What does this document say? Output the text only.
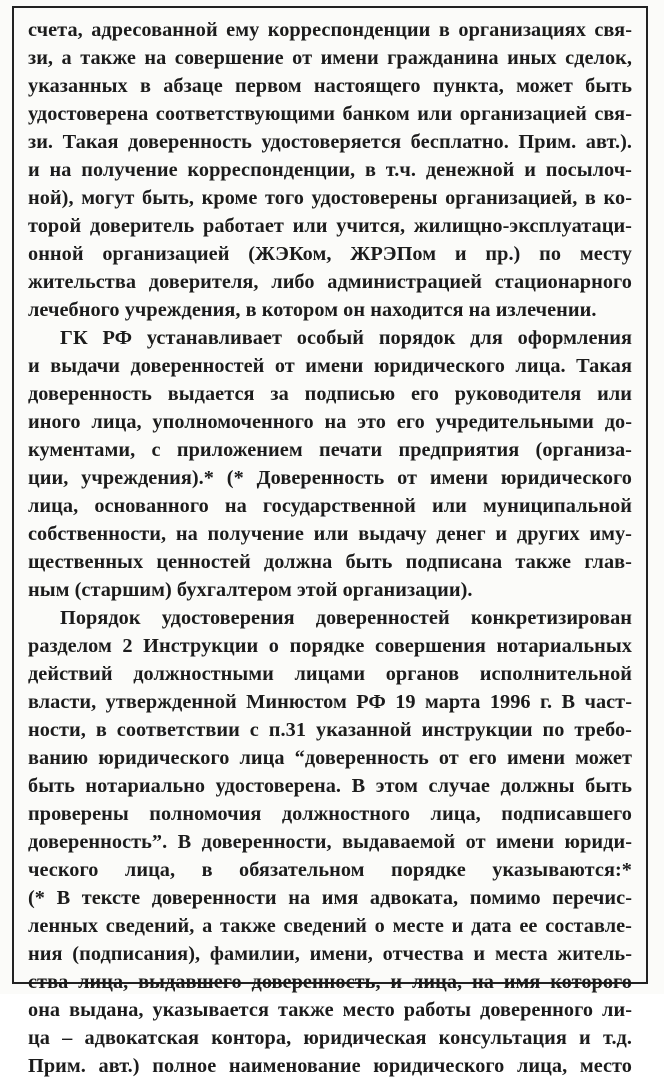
счета, адресованной ему корреспонденции в организациях свя-
зи, а также на совершение от имени гражданина иных сделок,
указанных в абзаце первом настоящего пункта, может быть
удостоверена соответствующими банком или организацией свя-
зи. Такая доверенность удостоверяется бесплатно. Прим. авт.).
и на получение корреспонденции, в т.ч. денежной и посылоч-
ной), могут быть, кроме того удостоверены организацией, в ко-
торой доверитель работает или учится, жилищно-эксплуатаци-
онной организацией (ЖЭКом, ЖРЭПом и пр.) по месту
жительства доверителя, либо администрацией стационарного
лечебного учреждения, в котором он находится на излечении.
ГК РФ устанавливает особый порядок для оформления
и выдачи доверенностей от имени юридического лица. Такая
доверенность выдается за подписью его руководителя или
иного лица, уполномоченного на это его учредительными до-
кументами, с приложением печати предприятия (организа-
ции, учреждения).* (* Доверенность от имени юридического
лица, основанного на государственной или муниципальной
собственности, на получение или выдачу денег и других иму-
щественных ценностей должна быть подписана также глав-
ным (старшим) бухгалтером этой организации).
Порядок удостоверения доверенностей конкретизирован
разделом 2 Инструкции о порядке совершения нотариальных
действий должностными лицами органов исполнительной
власти, утвержденной Минюстом РФ 19 марта 1996 г. В част-
ности, в соответствии с п.31 указанной инструкции по требо-
ванию юридического лица “доверенность от его имени может
быть нотариально удостоверена. В этом случае должны быть
проверены полномочия должностного лица, подписавшего
доверенность”. В доверенности, выдаваемой от имени юриди-
ческого лица, в обязательном порядке указываются:*
(* В тексте доверенности на имя адвоката, помимо перечис-
ленных сведений, а также сведений о месте и дата ее составле-
ния (подписания), фамилии, имени, отчества и места житель-
ства лица, выдавшего доверенность, и лица, на имя которого
она выдана, указывается также место работы доверенного ли-
ца – адвокатская контора, юридическая консультация и т.д.
Прим. авт.) полное наименование юридического лица, место
